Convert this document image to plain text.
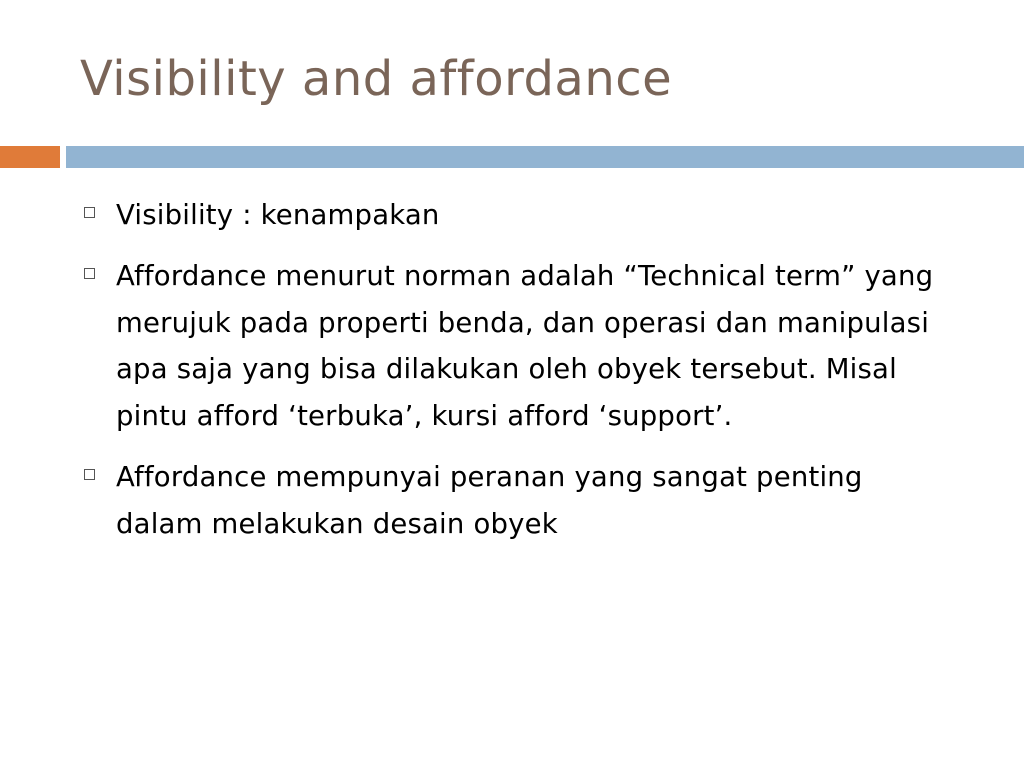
Visibility and affordance
Visibility : kenampakan
Affordance menurut norman adalah “Technical term” yang merujuk pada properti benda, dan operasi dan manipulasi apa saja yang bisa dilakukan oleh obyek tersebut. Misal pintu afford ‘terbuka’, kursi afford ‘support’.
Affordance mempunyai peranan yang sangat penting dalam melakukan desain obyek
